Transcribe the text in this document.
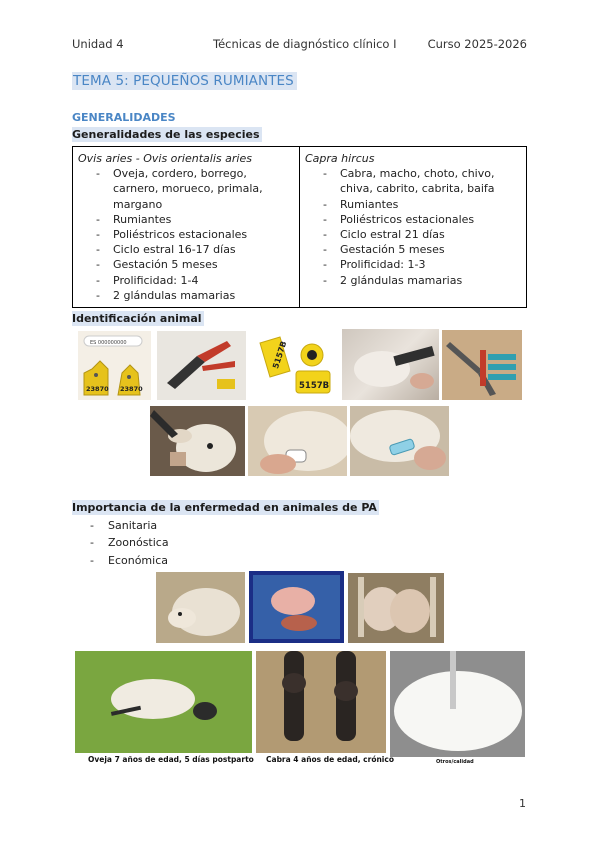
Unidad 4	Técnicas de diagnóstico clínico I	Curso 2025-2026
TEMA 5: PEQUEÑOS RUMIANTES
GENERALIDADES
Generalidades de las especies
Ovis aries - Ovis orientalis aries
- Oveja, cordero, borrego, carnero, morueco, primala, margano
- Rumiantes
- Poliéstricos estacionales
- Ciclo estral 16-17 días
- Gestación 5 meses
- Prolificidad: 1-4
- 2 glándulas mamarias

Capra hircus
- Cabra, macho, choto, chivo, chiva, cabrito, cabrita, baifa
- Rumiantes
- Poliéstricos estacionales
- Ciclo estral 21 días
- Gestación 5 meses
- Prolificidad: 1-3
- 2 glándulas mamarias
Identificación animal
ES 000000000
23870 23870
5157B
5157B
Importancia de la enfermedad en animales de PA
- Sanitaria
- Zoonóstica
- Económica
Oveja 7 años de edad, 5 días postparto Cabra 4 años de edad, crónico	Otros/calidad
1
